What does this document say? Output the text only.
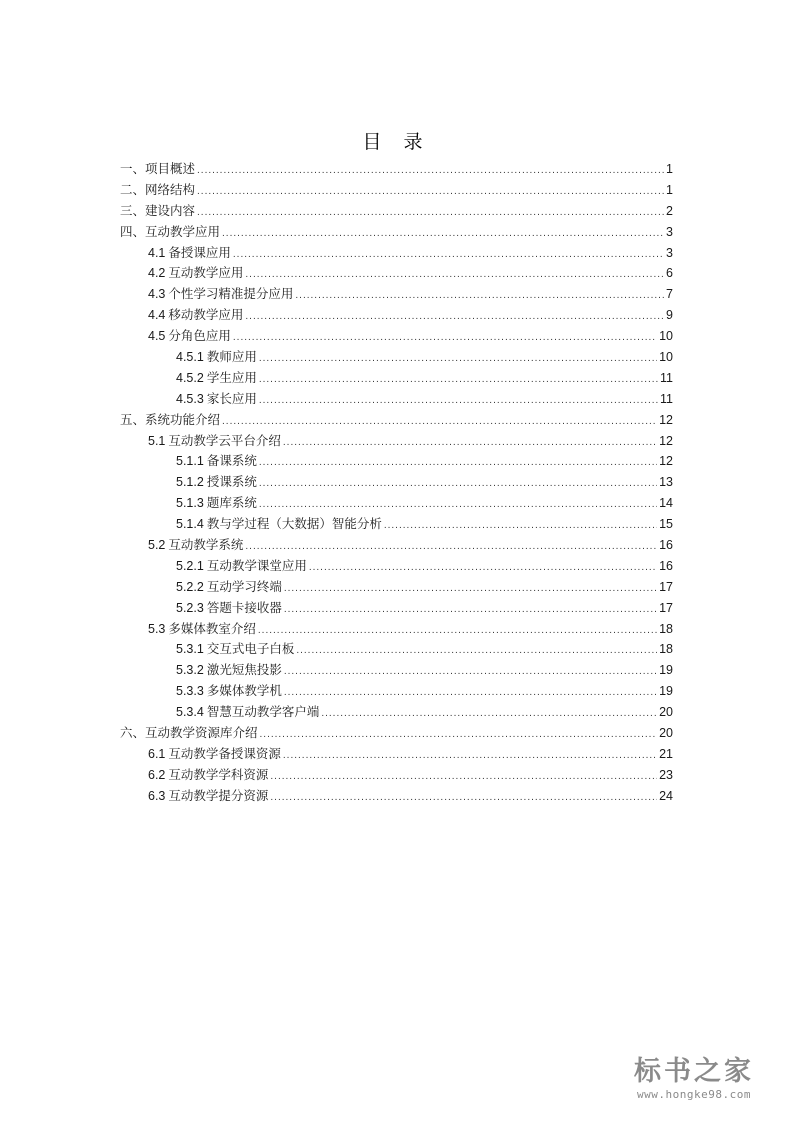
目 录
一、项目概述 .....	1
二、网络结构 .....	1
三、建设内容 .....	2
四、互动教学应用 .....	3
4.1 备授课应用 .....	3
4.2 互动教学应用 .....	6
4.3 个性学习精准提分应用 .....	7
4.4 移动教学应用 .....	9
4.5 分角色应用 .....	10
4.5.1 教师应用 .....	10
4.5.2 学生应用 .....	11
4.5.3 家长应用 .....	11
五、系统功能介绍 .....	12
5.1 互动教学云平台介绍 .....	12
5.1.1 备课系统 .....	12
5.1.2 授课系统 .....	13
5.1.3 题库系统 .....	14
5.1.4 教与学过程（大数据）智能分析 .....	15
5.2 互动教学系统 .....	16
5.2.1 互动教学课堂应用 .....	16
5.2.2 互动学习终端 .....	17
5.2.3 答题卡接收器 .....	17
5.3 多媒体教室介绍 .....	18
5.3.1 交互式电子白板 .....	18
5.3.2 激光短焦投影 .....	19
5.3.3 多媒体教学机 .....	19
5.3.4 智慧互动教学客户端 .....	20
六、互动教学资源库介绍 .....	20
6.1 互动教学备授课资源 .....	21
6.2 互动教学学科资源 .....	23
6.3 互动教学提分资源 .....	24
标书之家
www.hongke98.com
